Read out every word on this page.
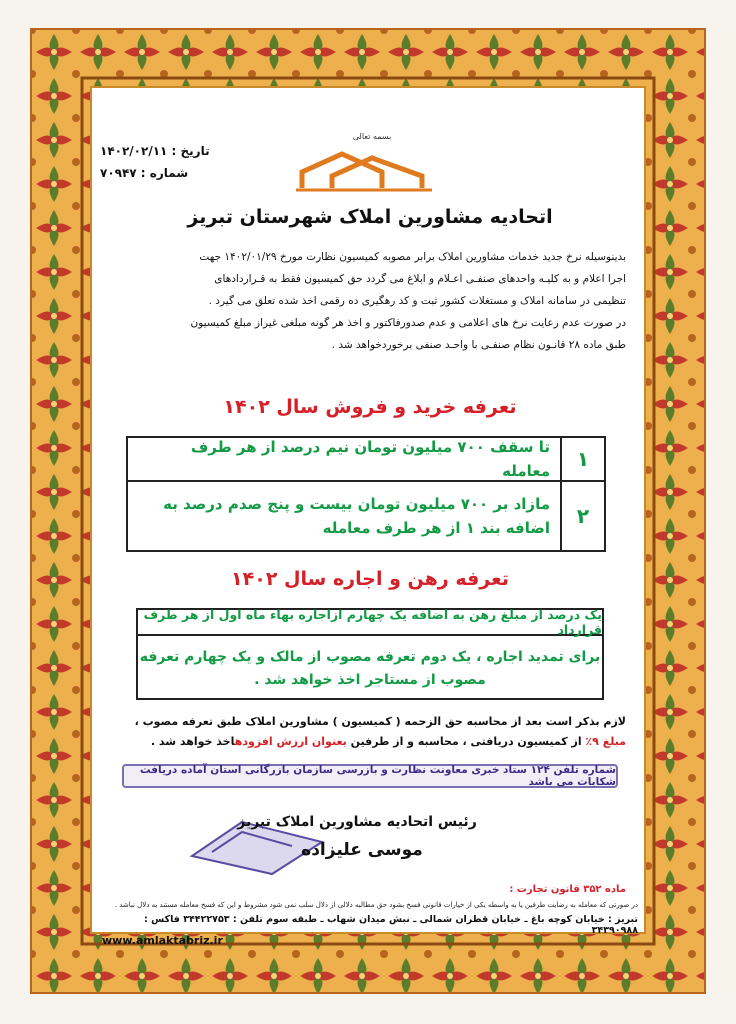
بسمه تعالی
تاریخ : ۱۴۰۲/۰۲/۱۱
شماره : ۷۰۹۴۷
اتحادیه مشاورین املاک شهرستان تبریز
بدینوسیله نرخ جدید خدمات مشاورین املاک برابر مصوبه کمیسیون نظارت مورخ ۱۴۰۲/۰۱/۲۹ جهت
اجرا اعلام و به کلیـه واحدهای صنفـی اعـلام و ابلاغ می گردد حق کمیسیون فقط به قـراردادهای
تنظیمی در سامانه املاک و مستغلات کشور ثبت و کد رهگیری ده رقمی اخذ شده تعلق می گیرد .
در صورت عدم رعایت نرخ های اعلامی و عدم صدورفاکتور و اخذ هر گونه مبلغی غیراز مبلغ کمیسیون
طبق ماده ۲۸ قانـون نظام صنفـی با واحـد صنفی برخوردخواهد شد .
تعرفه خرید و فروش سال ۱۴۰۲
۱
تا سقف ۷۰۰ میلیون تومان نیم درصد از هر طرف معامله
۲
مازاد بر ۷۰۰ میلیون تومان بیست و پنج صدم درصد به اضافه بند ۱ از هر طرف معامله
تعرفه رهن و اجاره سال ۱۴۰۲
یک درصد از مبلغ رهن به اضافه یک چهارم ازاجاره بهاء ماه اول از هر طرف قرارداد
برای تمدید اجاره ، یک دوم تعرفه مصوب از مالک و یک چهارم تعرفه مصوب از مستاجر اخذ خواهد شد .
لازم بذکر است بعد از محاسبه حق الزحمه ( کمیسیون ) مشاورین املاک طبق تعرفه مصوب ،
مبلغ ۹٪ از کمیسیون دریافتی ، محاسبه و از طرفین بعنوان ارزش افزودهاخذ خواهد شد .
شماره تلفن ۱۲۴ ستاد خبری معاونت نظارت و بازرسی سازمان بازرگانی استان آماده دریافت شکایات می باشد
رئیس اتحادیه مشاورین املاک تبریز
موسی علیزاده
ماده ۳۵۲ قانون تجارت :
در صورتی که معامله به رضایت طرفین یا به واسطه یکی از خیارات قانونی فسخ بشود حق مطالبه دلالی از دلال سلب نمی شود مشروط و این که فسخ معامله مستند به دلال نباشد .
تبریز : خیابان کوچه باغ ـ خیابان قطران شمالی ـ نبش میدان شهاب ـ طبقه سوم تلفن : ۳۴۴۲۲۷۵۳ فاکس : ۳۴۳۹۰۹۸۸
www.amlaktabriz.ir
